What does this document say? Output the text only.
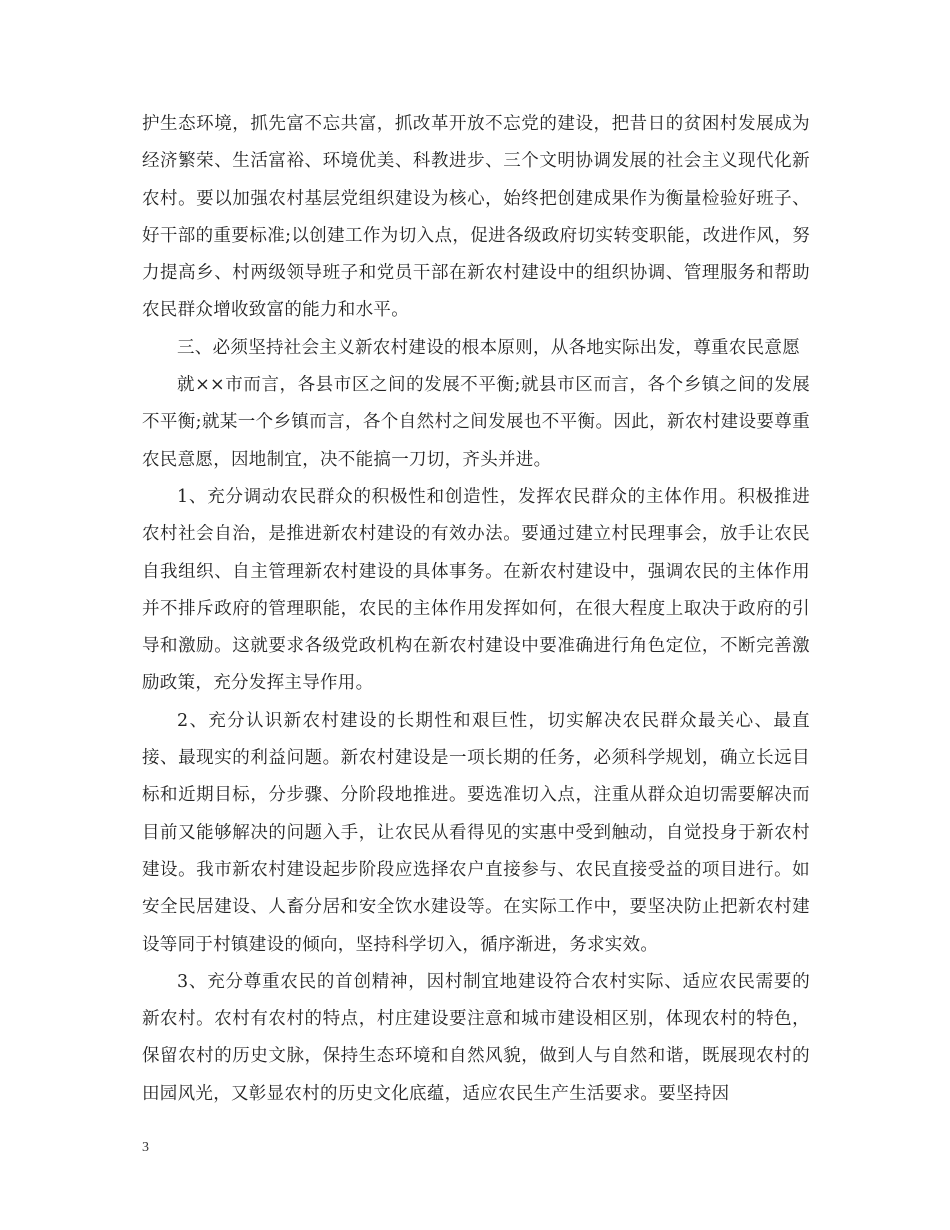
护生态环境，抓先富不忘共富，抓改革开放不忘党的建设，把昔日的贫困村发展成为经济繁荣、生活富裕、环境优美、科教进步、三个文明协调发展的社会主义现代化新农村。要以加强农村基层党组织建设为核心，始终把创建成果作为衡量检验好班子、好干部的重要标准;以创建工作为切入点，促进各级政府切实转变职能，改进作风，努力提高乡、村两级领导班子和党员干部在新农村建设中的组织协调、管理服务和帮助农民群众增收致富的能力和水平。

三、必须坚持社会主义新农村建设的根本原则，从各地实际出发，尊重农民意愿

就××市而言，各县市区之间的发展不平衡;就县市区而言，各个乡镇之间的发展不平衡;就某一个乡镇而言，各个自然村之间发展也不平衡。因此，新农村建设要尊重农民意愿，因地制宜，决不能搞一刀切，齐头并进。

1、充分调动农民群众的积极性和创造性，发挥农民群众的主体作用。积极推进农村社会自治，是推进新农村建设的有效办法。要通过建立村民理事会，放手让农民自我组织、自主管理新农村建设的具体事务。在新农村建设中，强调农民的主体作用并不排斥政府的管理职能，农民的主体作用发挥如何，在很大程度上取决于政府的引导和激励。这就要求各级党政机构在新农村建设中要准确进行角色定位，不断完善激励政策，充分发挥主导作用。

2、充分认识新农村建设的长期性和艰巨性，切实解决农民群众最关心、最直接、最现实的利益问题。新农村建设是一项长期的任务，必须科学规划，确立长远目标和近期目标，分步骤、分阶段地推进。要选准切入点，注重从群众迫切需要解决而目前又能够解决的问题入手，让农民从看得见的实惠中受到触动，自觉投身于新农村建设。我市新农村建设起步阶段应选择农户直接参与、农民直接受益的项目进行。如安全民居建设、人畜分居和安全饮水建设等。在实际工作中，要坚决防止把新农村建设等同于村镇建设的倾向，坚持科学切入，循序渐进，务求实效。

3、充分尊重农民的首创精神，因村制宜地建设符合农村实际、适应农民需要的新农村。农村有农村的特点，村庄建设要注意和城市建设相区别，体现农村的特色，保留农村的历史文脉，保持生态环境和自然风貌，做到人与自然和谐，既展现农村的田园风光，又彰显农村的历史文化底蕴，适应农民生产生活要求。要坚持因

3
